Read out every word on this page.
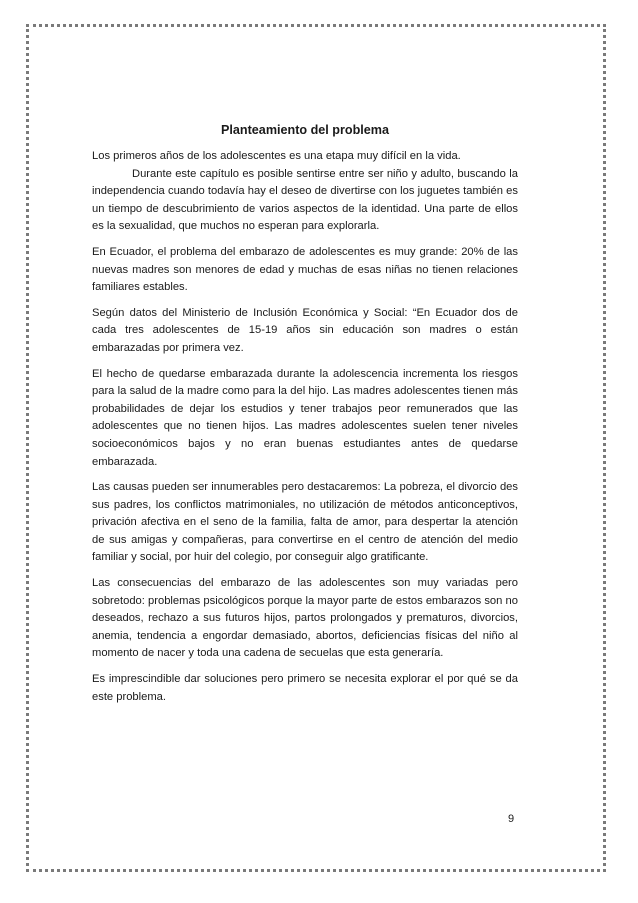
Planteamiento del problema

Los primeros años de los adolescentes es una etapa muy difícil en la vida.

Durante este capítulo es posible sentirse entre ser niño y adulto, buscando la independencia cuando todavía hay el deseo de divertirse con los juguetes también es un tiempo de descubrimiento de varios aspectos de la identidad. Una parte de ellos es la sexualidad, que muchos no esperan para explorarla.

En Ecuador, el problema del embarazo de adolescentes es muy grande: 20% de las nuevas madres son menores de edad y muchas de esas niñas no tienen relaciones familiares estables.

Según datos del Ministerio de Inclusión Económica y Social: “En Ecuador dos de cada tres adolescentes de 15-19 años sin educación son madres o están embarazadas por primera vez.

El hecho de quedarse embarazada durante la adolescencia incrementa los riesgos para la salud de la madre como para la del hijo. Las madres adolescentes tienen más probabilidades de dejar los estudios y tener trabajos peor remunerados que las adolescentes que no tienen hijos. Las madres adolescentes suelen tener niveles socioeconómicos bajos y no eran buenas estudiantes antes de quedarse embarazada.

Las causas pueden ser innumerables pero destacaremos: La pobreza, el divorcio des sus padres, los conflictos matrimoniales, no utilización de métodos anticonceptivos, privación afectiva en el seno de la familia, falta de amor, para despertar la atención de sus amigas y compañeras, para convertirse en el centro de atención del medio familiar y social, por huir del colegio, por conseguir algo gratificante.

Las consecuencias del embarazo de las adolescentes son muy variadas pero sobretodo: problemas psicológicos porque la mayor parte de estos embarazos son no deseados, rechazo a sus futuros hijos, partos prolongados y prematuros, divorcios, anemia, tendencia a engordar demasiado, abortos, deficiencias físicas del niño al momento de nacer y toda una cadena de secuelas que esta generaría.

Es imprescindible dar soluciones pero primero se necesita explorar el por qué se da este problema.

9
